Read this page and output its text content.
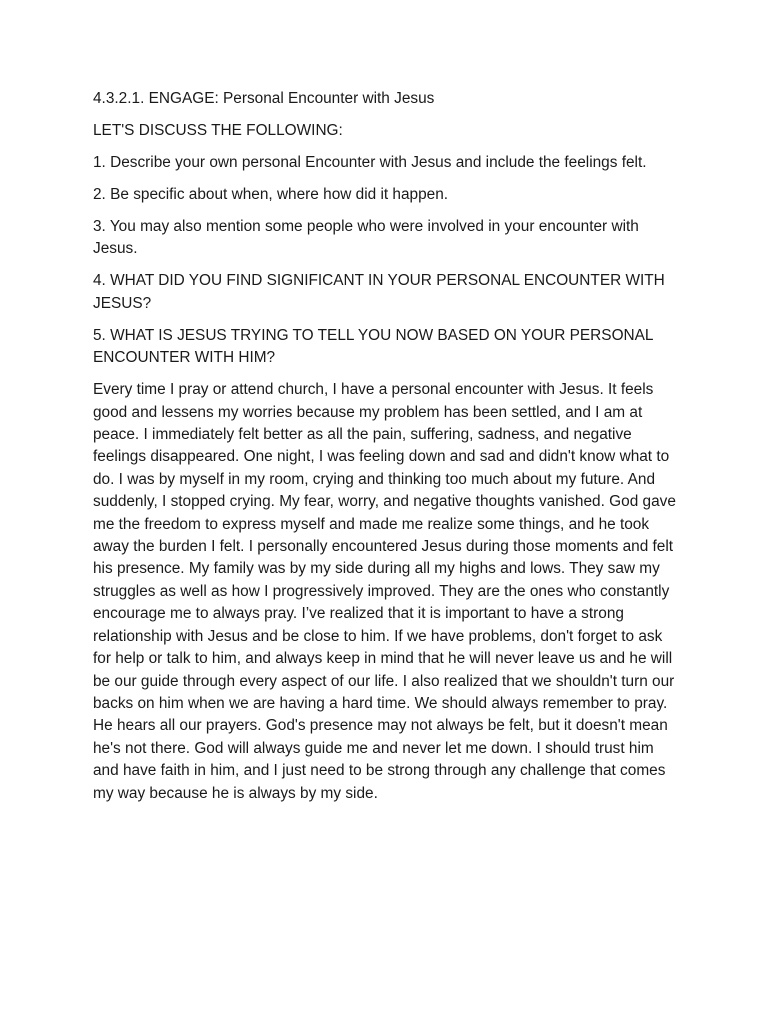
4.3.2.1. ENGAGE: Personal Encounter with Jesus

LET'S DISCUSS THE FOLLOWING:

1. Describe your own personal Encounter with Jesus and include the feelings felt.

2. Be specific about when, where how did it happen.

3. You may also mention some people who were involved in your encounter with Jesus.

4. WHAT DID YOU FIND SIGNIFICANT IN YOUR PERSONAL ENCOUNTER WITH JESUS?

5. WHAT IS JESUS TRYING TO TELL YOU NOW BASED ON YOUR PERSONAL ENCOUNTER WITH HIM?

Every time I pray or attend church, I have a personal encounter with Jesus. It feels good and lessens my worries because my problem has been settled, and I am at peace. I immediately felt better as all the pain, suffering, sadness, and negative feelings disappeared. One night, I was feeling down and sad and didn't know what to do. I was by myself in my room, crying and thinking too much about my future. And suddenly, I stopped crying. My fear, worry, and negative thoughts vanished. God gave me the freedom to express myself and made me realize some things, and he took away the burden I felt. I personally encountered Jesus during those moments and felt his presence. My family was by my side during all my highs and lows. They saw my struggles as well as how I progressively improved. They are the ones who constantly encourage me to always pray. I’ve realized that it is important to have a strong relationship with Jesus and be close to him. If we have problems, don't forget to ask for help or talk to him, and always keep in mind that he will never leave us and he will be our guide through every aspect of our life. I also realized that we shouldn't turn our backs on him when we are having a hard time. We should always remember to pray. He hears all our prayers. God's presence may not always be felt, but it doesn't mean he's not there. God will always guide me and never let me down. I should trust him and have faith in him, and I just need to be strong through any challenge that comes my way because he is always by my side.
